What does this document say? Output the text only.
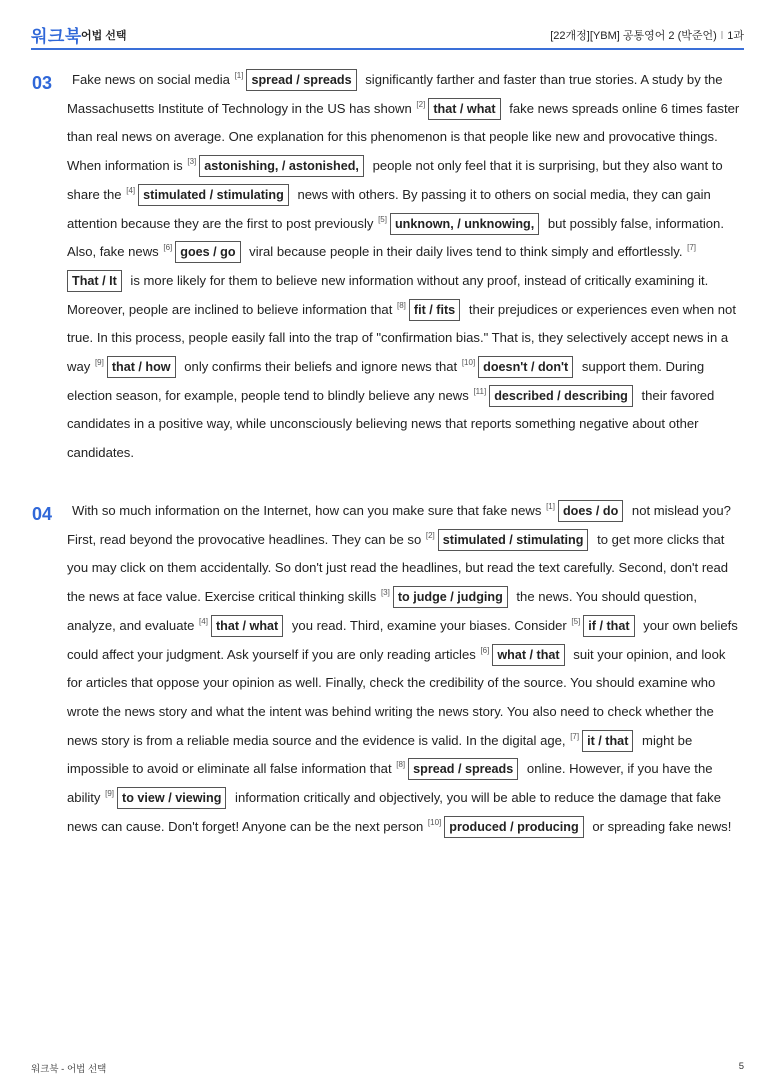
워크북 어법 선택	[22개정][YBM] 공통영어 2 (박준언) l 1과
03	Fake news on social media [1] spread / spreads significantly farther and faster than true stories. A study by the Massachusetts Institute of Technology in the US has shown [2] that / what fake news spreads online 6 times faster than real news on average. One explanation for this phenomenon is that people like new and provocative things. When information is [3] astonishing, / astonished, people not only feel that it is surprising, but they also want to share the [4] stimulated / stimulating news with others. By passing it to others on social media, they can gain attention because they are the first to post previously [5] unknown, / unknowing, but possibly false, information. Also, fake news [6] goes / go viral because people in their daily lives tend to think simply and effortlessly. [7]That / It is more likely for them to believe new information without any proof, instead of critically examining it. Moreover, people are inclined to believe information that [8] fit / fits their prejudices or experiences even when not true. In this process, people easily fall into the trap of "confirmation bias." That is, they selectively accept news in a way [9] that / how only confirms their beliefs and ignore news that [10] doesn't / don't support them. During election season, for example, people tend to blindly believe any news [11] described / describing their favored candidates in a positive way, while unconsciously believing news that reports something negative about other candidates.
04	With so much information on the Internet, how can you make sure that fake news [1] does / do not mislead you? First, read beyond the provocative headlines. They can be so [2] stimulated / stimulating to get more clicks that you may click on them accidentally. So don't just read the headlines, but read the text carefully. Second, don't read the news at face value. Exercise critical thinking skills [3] to judge / judging the news. You should question, analyze, and evaluate [4] that / what you read. Third, examine your biases. Consider [5] if / that your own beliefs could affect your judgment. Ask yourself if you are only reading articles [6] what / that suit your opinion, and look for articles that oppose your opinion as well. Finally, check the credibility of the source. You should examine who wrote the news story and what the intent was behind writing the news story. You also need to check whether the news story is from a reliable media source and the evidence is valid. In the digital age, [7] it / that might be impossible to avoid or eliminate all false information that [8] spread / spreads online. However, if you have the ability [9] to view / viewing information critically and objectively, you will be able to reduce the damage that fake news can cause. Don't forget! Anyone can be the next person [10] produced / producing or spreading fake news!
워크북 - 어법 선택	5
